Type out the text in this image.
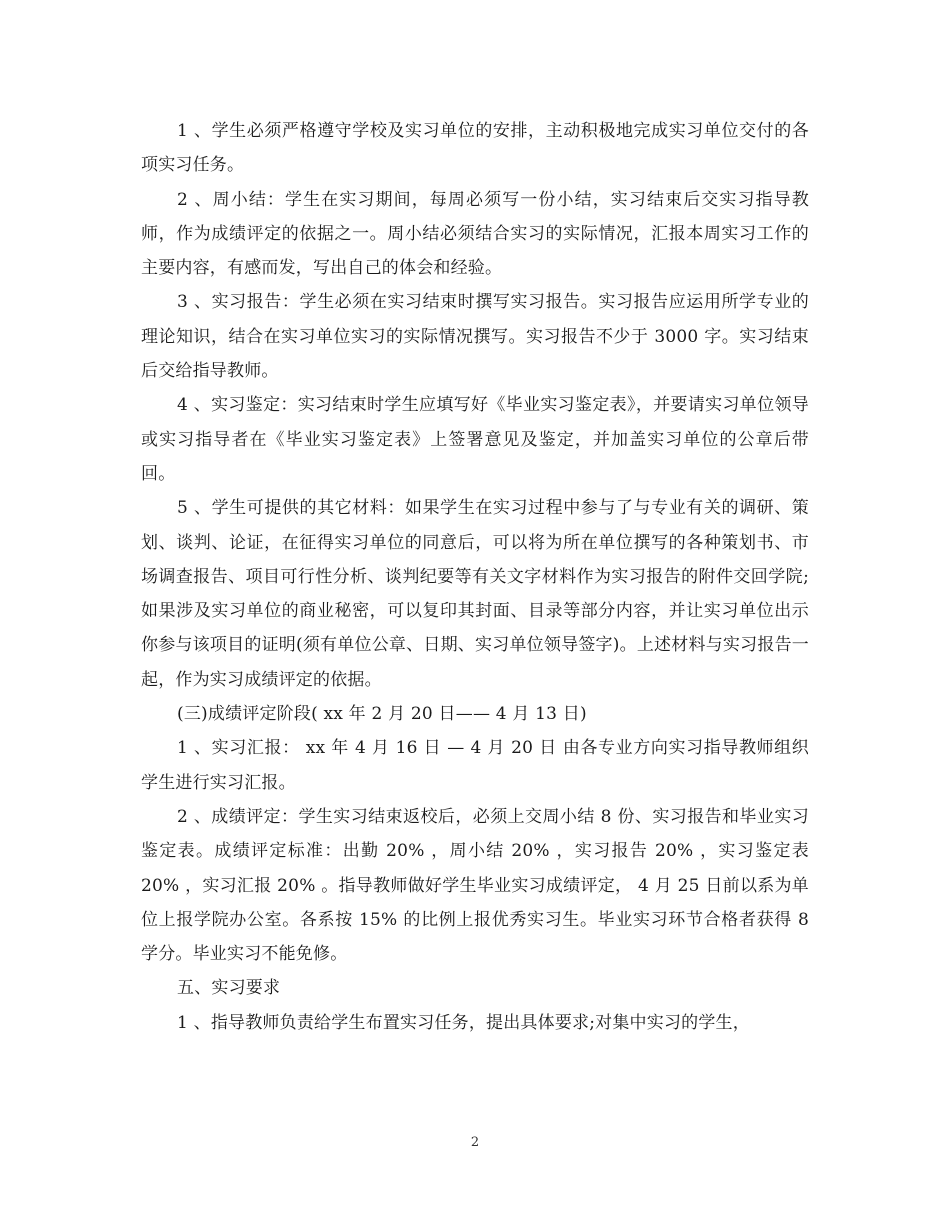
1 、学生必须严格遵守学校及实习单位的安排，主动积极地完成实习单位交付的各项实习任务。

2 、周小结：学生在实习期间，每周必须写一份小结，实习结束后交实习指导教师，作为成绩评定的依据之一。周小结必须结合实习的实际情况，汇报本周实习工作的主要内容，有感而发，写出自己的体会和经验。

3 、实习报告：学生必须在实习结束时撰写实习报告。实习报告应运用所学专业的理论知识，结合在实习单位实习的实际情况撰写。实习报告不少于 3000 字。实习结束后交给指导教师。

4 、实习鉴定：实习结束时学生应填写好《毕业实习鉴定表》，并要请实习单位领导或实习指导者在《毕业实习鉴定表》上签署意见及鉴定，并加盖实习单位的公章后带回。

5 、学生可提供的其它材料：如果学生在实习过程中参与了与专业有关的调研、策划、谈判、论证，在征得实习单位的同意后，可以将为所在单位撰写的各种策划书、市场调查报告、项目可行性分析、谈判纪要等有关文字材料作为实习报告的附件交回学院;如果涉及实习单位的商业秘密，可以复印其封面、目录等部分内容，并让实习单位出示你参与该项目的证明(须有单位公章、日期、实习单位领导签字)。上述材料与实习报告一起，作为实习成绩评定的依据。

(三)成绩评定阶段( xx 年 2 月 20 日—— 4 月 13 日)

1 、实习汇报： xx 年 4 月 16 日 — 4 月 20 日 由各专业方向实习指导教师组织学生进行实习汇报。

2 、成绩评定：学生实习结束返校后，必须上交周小结 8 份、实习报告和毕业实习鉴定表。成绩评定标准：出勤 20% ，周小结 20% ，实习报告 20% ，实习鉴定表 20% ，实习汇报 20% 。指导教师做好学生毕业实习成绩评定， 4 月 25 日前以系为单位上报学院办公室。各系按 15% 的比例上报优秀实习生。毕业实习环节合格者获得 8 学分。毕业实习不能免修。

五、实习要求

1 、指导教师负责给学生布置实习任务，提出具体要求;对集中实习的学生，

2
